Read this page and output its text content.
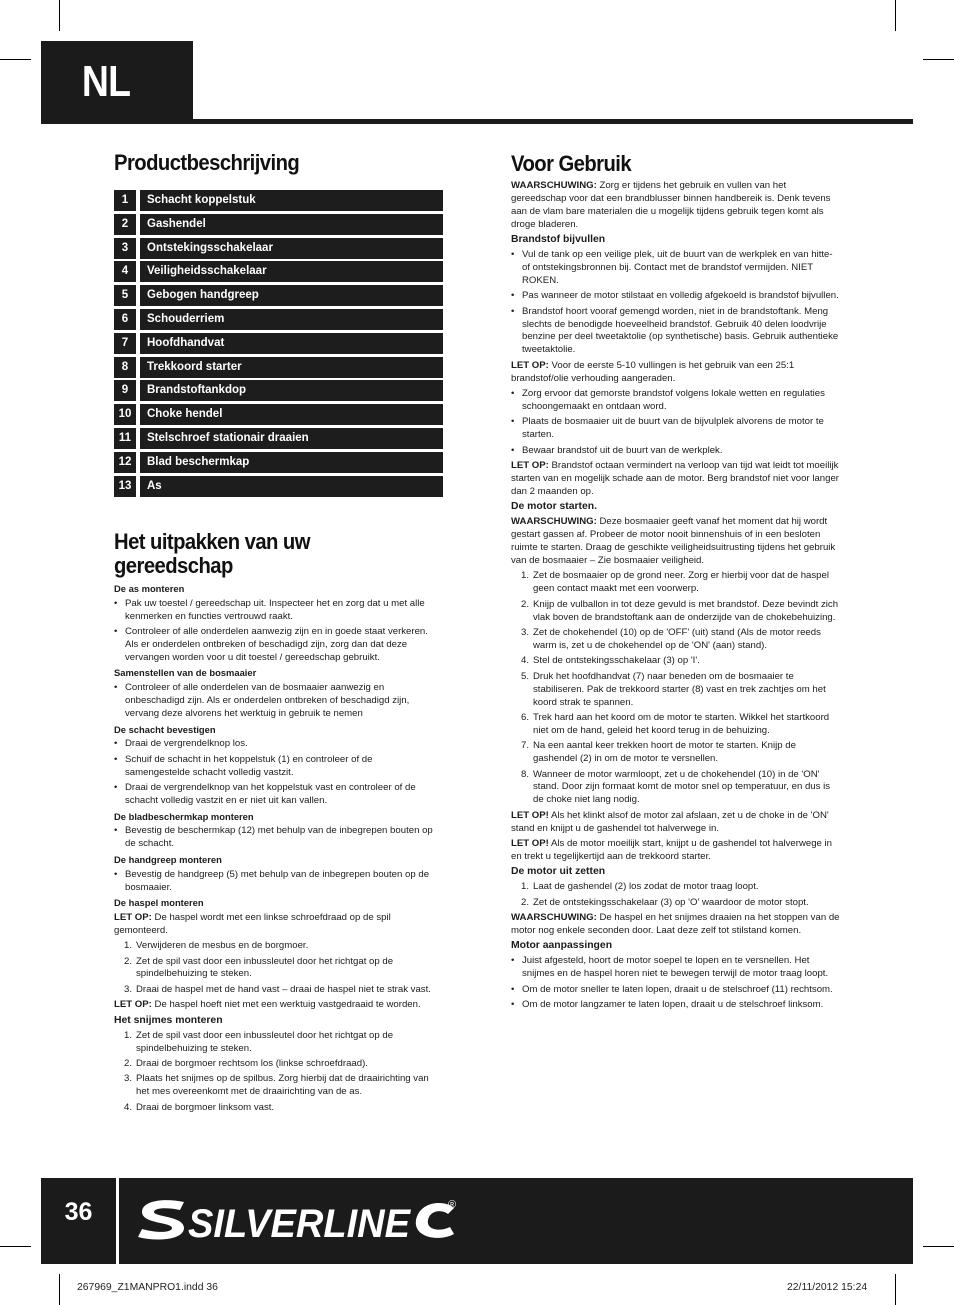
NL
Productbeschrijving
1	Schacht koppelstuk
2	Gashendel
3	Ontstekingsschakelaar
4	Veiligheidsschakelaar
5	Gebogen handgreep
6	Schouderriem
7	Hoofdhandvat
8	Trekkoord starter
9	Brandstoftankdop
10	Choke hendel
11	Stelschroef stationair draaien
12	Blad beschermkap
13	As
Het uitpakken van uw
gereedschap
De as monteren
• Pak uw toestel / gereedschap uit. Inspecteer het en zorg dat u met alle kenmerken en functies vertrouwd raakt.
• Controleer of alle onderdelen aanwezig zijn en in goede staat verkeren. Als er onderdelen ontbreken of beschadigd zijn, zorg dan dat deze vervangen worden voor u dit toestel / gereedschap gebruikt.
Samenstellen van de bosmaaier
• Controleer of alle onderdelen van de bosmaaier aanwezig en onbeschadigd zijn. Als er onderdelen ontbreken of beschadigd zijn, vervang deze alvorens het werktuig in gebruik te nemen
De schacht bevestigen
• Draai de vergrendelknop los.
• Schuif de schacht in het koppelstuk (1) en controleer of de samengestelde schacht volledig vastzit.
• Draai de vergrendelknop van het koppelstuk vast en controleer of de schacht volledig vastzit en er niet uit kan vallen.
De bladbeschermkap monteren
• Bevestig de beschermkap (12) met behulp van de inbegrepen bouten op de schacht.
De handgreep monteren
• Bevestig de handgreep (5) met behulp van de inbegrepen bouten op de bosmaaier.
De haspel monteren

LET OP: De haspel wordt met een linkse schroefdraad op de spil gemonteerd.

1. Verwijderen de mesbus en de borgmoer.
2. Zet de spil vast door een inbussleutel door het richtgat op de spindelbehuizing te steken.
3. Draai de haspel met de hand vast – draai de haspel niet te strak vast.

LET OP: De haspel hoeft niet met een werktuig vastgedraaid te worden.

Het snijmes monteren
1. Zet de spil vast door een inbussleutel door het richtgat op de spindelbehuizing te steken.
2. Draai de borgmoer rechtsom los (linkse schroefdraad).
3. Plaats het snijmes op de spilbus. Zorg hierbij dat de draairichting van het mes overeenkomt met de draairichting van de as.
4. Draai de borgmoer linksom vast.
Voor Gebruik

WAARSCHUWING: Zorg er tijdens het gebruik en vullen van het gereedschap voor dat een brandblusser binnen handbereik is. Denk tevens aan de vlam bare materialen die u mogelijk tijdens gebruik tegen komt als droge bladeren.

Brandstof bijvullen
• Vul de tank op een veilige plek, uit de buurt van de werkplek en van hitte- of ontstekingsbronnen bij. Contact met de brandstof vermijden. NIET ROKEN.
• Pas wanneer de motor stilstaat en volledig afgekoeld is brandstof bijvullen.
• Brandstof hoort vooraf gemengd worden, niet in de brandstoftank. Meng slechts de benodigde hoeveelheid brandstof. Gebruik 40 delen loodvrije benzine per deel tweetaktolie (op synthetische) basis. Gebruik authentieke tweetaktolie.

LET OP: Voor de eerste 5-10 vullingen is het gebruik van een 25:1 brandstof/olie verhouding aangeraden.

• Zorg ervoor dat gemorste brandstof volgens lokale wetten en regulaties schoongemaakt en ontdaan word.
• Plaats de bosmaaier uit de buurt van de bijvulplek alvorens de motor te starten.
• Bewaar brandstof uit de buurt van de werkplek.

LET OP: Brandstof octaan vermindert na verloop van tijd wat leidt tot moeilijk starten van en mogelijk schade aan de motor. Berg brandstof niet voor langer dan 2 maanden op.

De motor starten.

WAARSCHUWING: Deze bosmaaier geeft vanaf het moment dat hij wordt gestart gassen af. Probeer de motor nooit binnenshuis of in een besloten ruimte te starten. Draag de geschikte veiligheidsuitrusting tijdens het gebruik van de bosmaaier – Zie bosmaaier veiligheid.

1. Zet de bosmaaier op de grond neer. Zorg er hierbij voor dat de haspel geen contact maakt met een voorwerp.
2. Knijp de vulballon in tot deze gevuld is met brandstof. Deze bevindt zich vlak boven de brandstoftank aan de onderzijde van de chokebehuizing.
3. Zet de chokehendel (10) op de 'OFF' (uit) stand (Als de motor reeds warm is, zet u de chokehendel op de 'ON' (aan) stand).
4. Stel de ontstekingsschakelaar (3) op 'I'.
5. Druk het hoofdhandvat (7) naar beneden om de bosmaaier te stabiliseren. Pak de trekkoord starter (8) vast en trek zachtjes om het koord strak te spannen.
6. Trek hard aan het koord om de motor te starten. Wikkel het startkoord niet om de hand, geleid het koord terug in de behuizing.
7. Na een aantal keer trekken hoort de motor te starten. Knijp de gashendel (2) in om de motor te versnellen.
8. Wanneer de motor warmloopt, zet u de chokehendel (10) in de 'ON' stand. Door zijn formaat komt de motor snel op temperatuur, en dus is de choke niet lang nodig.

LET OP! Als het klinkt alsof de motor zal afslaan, zet u de choke in de 'ON' stand en knijpt u de gashendel tot halverwege in.

LET OP! Als de motor moeilijk start, knijpt u de gashendel tot halverwege in en trekt u tegelijkertijd aan de trekkoord starter.

De motor uit zetten
1. Laat de gashendel (2) los zodat de motor traag loopt.
2. Zet de ontstekingsschakelaar (3) op 'O' waardoor de motor stopt.

WAARSCHUWING: De haspel en het snijmes draaien na het stoppen van de motor nog enkele seconden door. Laat deze zelf tot stilstand komen.

Motor aanpassingen
• Juist afgesteld, hoort de motor soepel te lopen en te versnellen. Het snijmes en de haspel horen niet te bewegen terwijl de motor traag loopt.
• Om de motor sneller te laten lopen, draait u de stelschroef (11) rechtsom.
• Om de motor langzamer te laten lopen, draait u de stelschroef linksom.
36	SILVERLINE	®
267969_Z1MANPRO1.indd 36	22/11/2012 15:24
